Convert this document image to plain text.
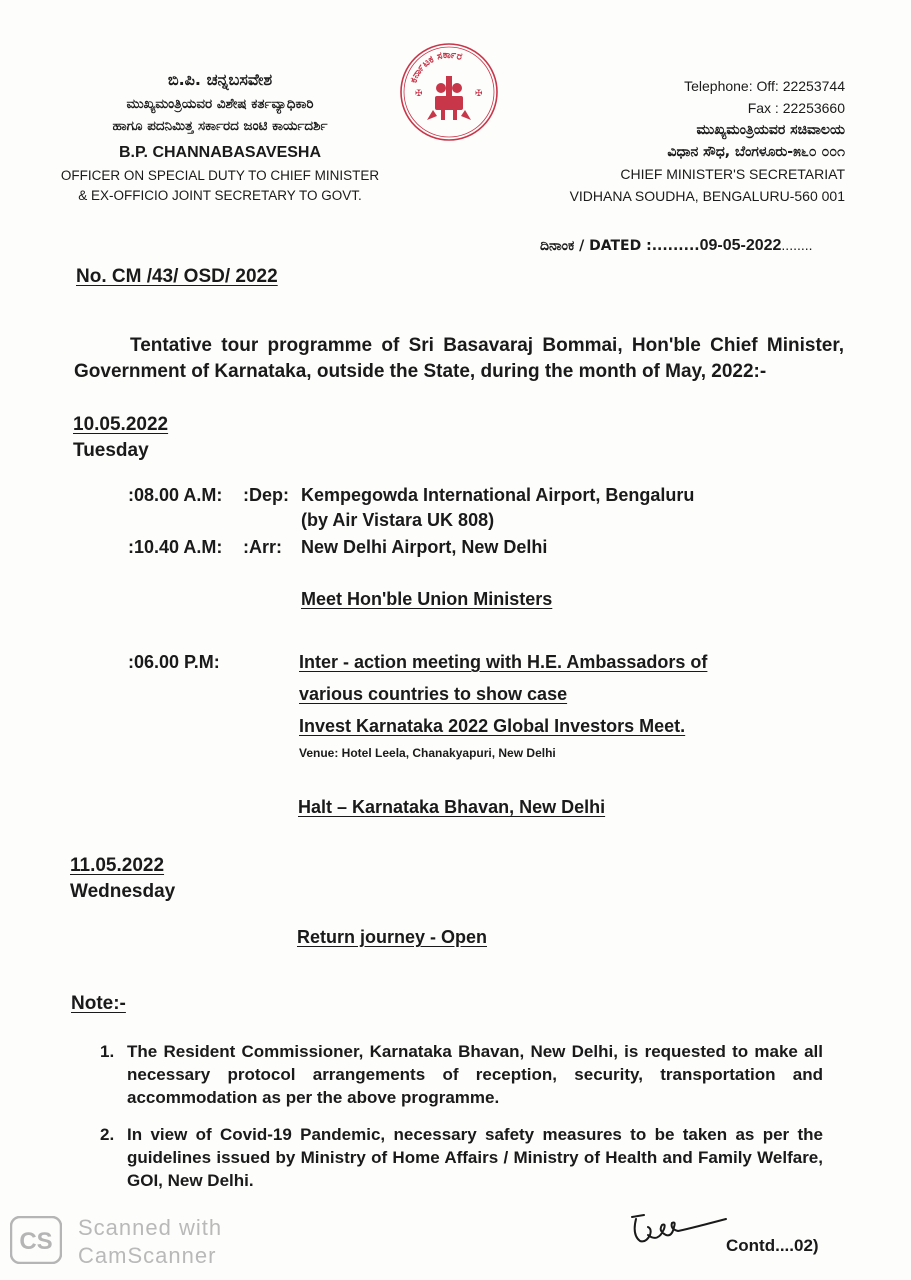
ಬಿ.ಪಿ. ಚನ್ನಬಸವೇಶ
ಮುಖ್ಯಮಂತ್ರಿಯವರ ವಿಶೇಷ ಕರ್ತವ್ಯಾಧಿಕಾರಿ
ಹಾಗೂ ಪದನಿಮಿತ್ತ ಸರ್ಕಾರದ ಜಂಟಿ ಕಾರ್ಯದರ್ಶಿ
B.P. CHANNABASAVESHA
OFFICER ON SPECIAL DUTY TO CHIEF MINISTER
& EX-OFFICIO JOINT SECRETARY TO GOVT.
ಕರ್ನಾಟಕ ಸರ್ಕಾರ
✠	✠	Telephone: Off: 22253744
Fax : 22253660
ಮುಖ್ಯಮಂತ್ರಿಯವರ ಸಚಿವಾಲಯ
ವಿಧಾನ ಸೌಧ, ಬೆಂಗಳೂರು-೫೬೦ ೦೦೧
CHIEF MINISTER'S SECRETARIAT
VIDHANA SOUDHA, BENGALURU-560 001
ದಿನಾಂಕ / DATED :.........09-05-2022........
No. CM /43/ OSD/ 2022
Tentative tour programme of Sri Basavaraj Bommai, Hon'ble Chief Minister,
Government of Karnataka, outside the State, during the month of May, 2022:-
10.05.2022
Tuesday
:08.00 A.M: :Dep: Kempegowda International Airport, Bengaluru
(by Air Vistara UK 808)
:10.40 A.M: :Arr: New Delhi Airport, New Delhi
Meet Hon'ble Union Ministers
:06.00 P.M:	Inter - action meeting with H.E. Ambassadors of
various countries to show case
Invest Karnataka 2022 Global Investors Meet.
Venue: Hotel Leela, Chanakyapuri, New Delhi
Halt – Karnataka Bhavan, New Delhi
11.05.2022
Wednesday
Return journey - Open
Note:-
1. The Resident Commissioner, Karnataka Bhavan, New Delhi, is requested to make all
necessary protocol arrangements of reception, security, transportation and
accommodation as per the above programme.
2. In view of Covid-19 Pandemic, necessary safety measures to be taken as per the
guidelines issued by Ministry of Home Affairs / Ministry of Health and Family Welfare,
GOI, New Delhi.
CS
Scanned with
CamScanner	Contd....02)
